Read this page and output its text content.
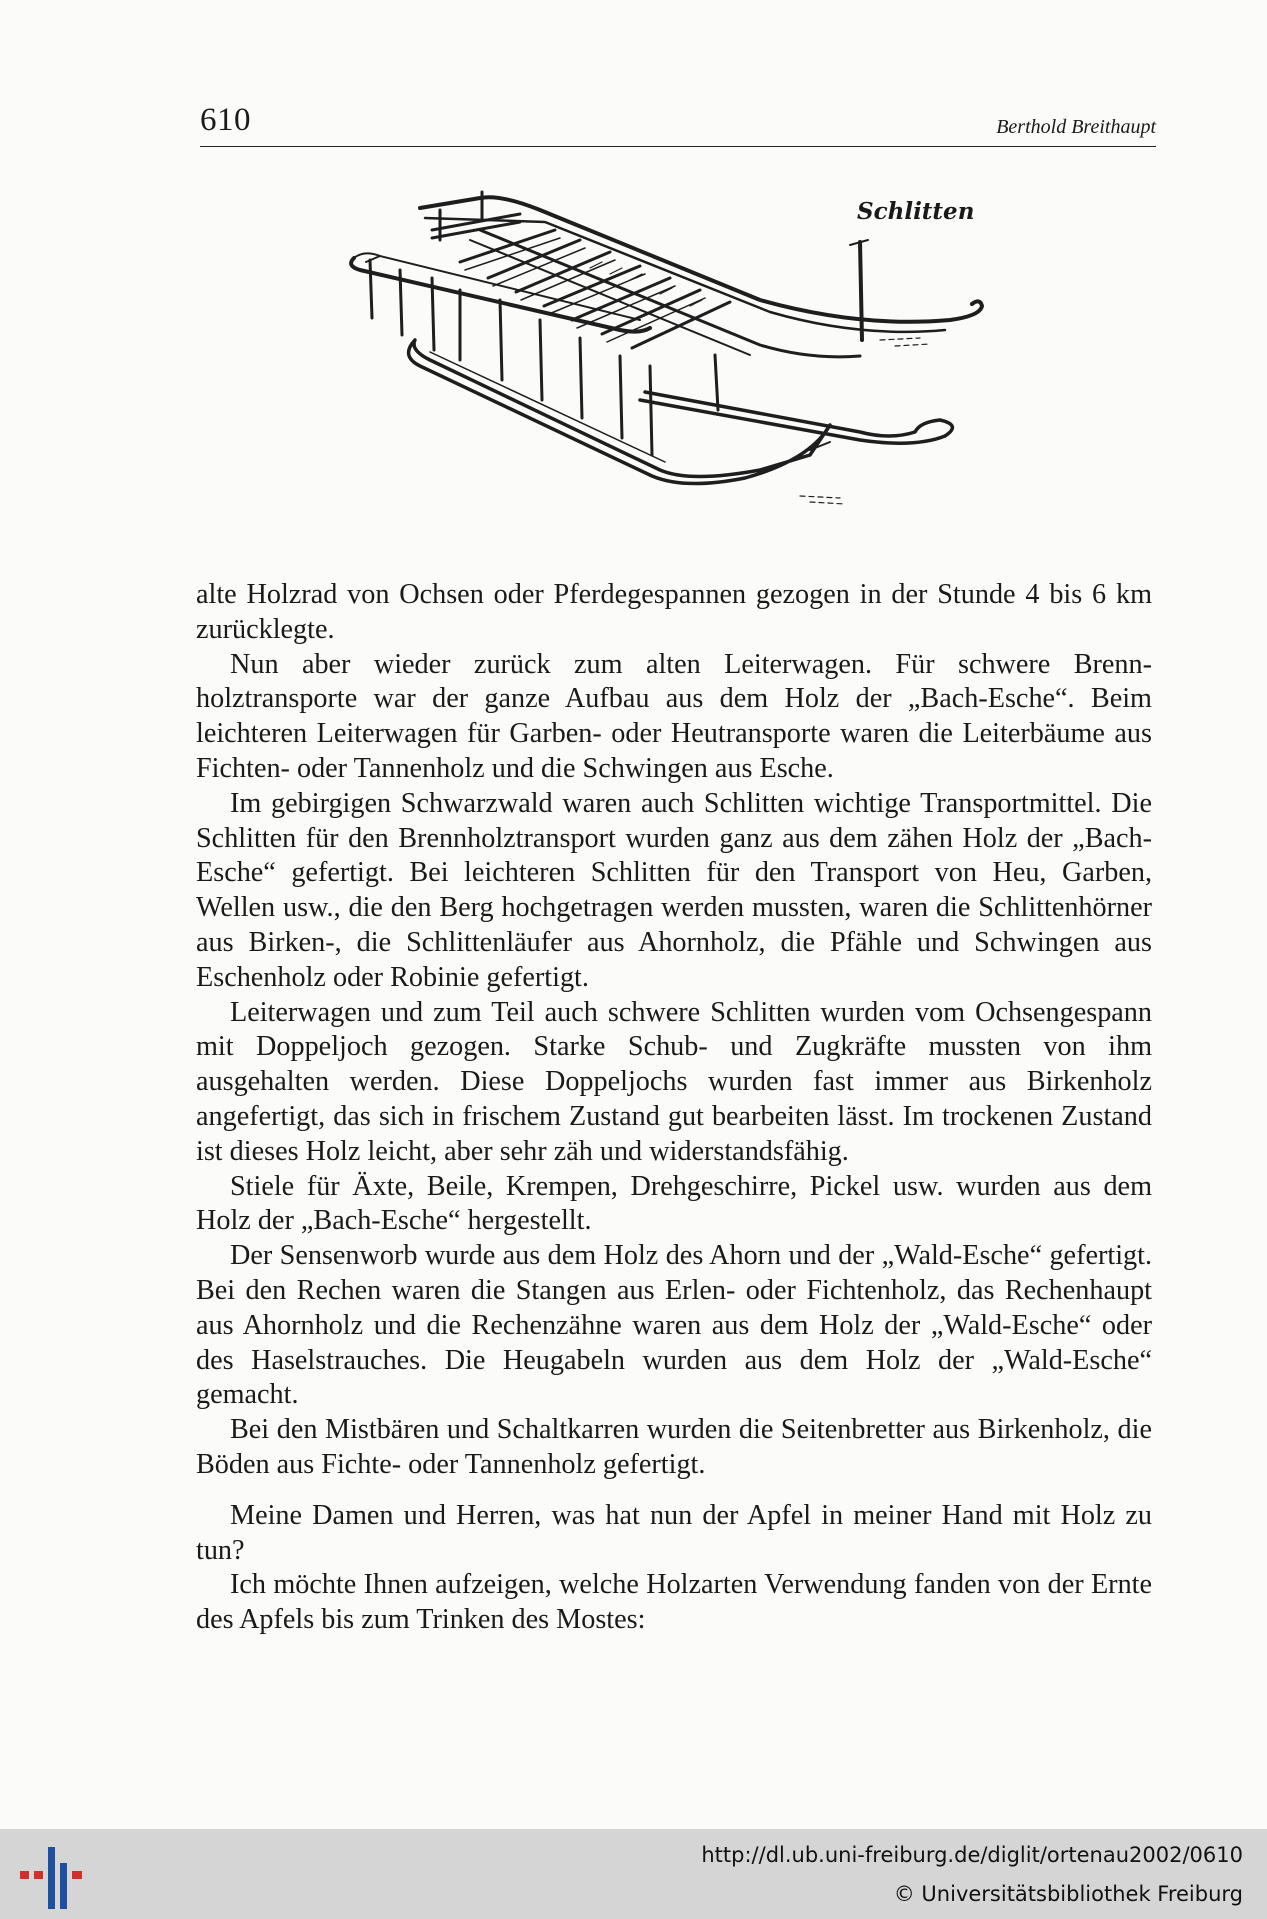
610	Berthold Breithaupt
Schlitten

alte Holzrad von Ochsen oder Pferdegespannen gezogen in der Stunde 4 bis 6 km zurücklegte.

Nun aber wieder zurück zum alten Leiterwagen. Für schwere Brennholztransporte war der ganze Aufbau aus dem Holz der „Bach-Esche“. Beim leichteren Leiterwagen für Garben- oder Heutransporte waren die Leiterbäume aus Fichten- oder Tannenholz und die Schwingen aus Esche.

Im gebirgigen Schwarzwald waren auch Schlitten wichtige Transportmittel. Die Schlitten für den Brennholztransport wurden ganz aus dem zähen Holz der „Bach-Esche“ gefertigt. Bei leichteren Schlitten für den Transport von Heu, Garben, Wellen usw., die den Berg hochgetragen werden mussten, waren die Schlittenhörner aus Birken-, die Schlittenläufer aus Ahornholz, die Pfähle und Schwingen aus Eschenholz oder Robinie gefertigt.

Leiterwagen und zum Teil auch schwere Schlitten wurden vom Ochsengespann mit Doppeljoch gezogen. Starke Schub- und Zugkräfte mussten von ihm ausgehalten werden. Diese Doppeljochs wurden fast immer aus Birkenholz angefertigt, das sich in frischem Zustand gut bearbeiten lässt. Im trockenen Zustand ist dieses Holz leicht, aber sehr zäh und widerstandsfähig.

Stiele für Äxte, Beile, Krempen, Drehgeschirre, Pickel usw. wurden aus dem Holz der „Bach-Esche“ hergestellt.

Der Sensenworb wurde aus dem Holz des Ahorn und der „Wald-Esche“ gefertigt. Bei den Rechen waren die Stangen aus Erlen- oder Fichtenholz, das Rechenhaupt aus Ahornholz und die Rechenzähne waren aus dem Holz der „Wald-Esche“ oder des Haselstrauches. Die Heugabeln wurden aus dem Holz der „Wald-Esche“ gemacht.

Bei den Mistbären und Schaltkarren wurden die Seitenbretter aus Birkenholz, die Böden aus Fichte- oder Tannenholz gefertigt.

Meine Damen und Herren, was hat nun der Apfel in meiner Hand mit Holz zu tun?

Ich möchte Ihnen aufzeigen, welche Holzarten Verwendung fanden von der Ernte des Apfels bis zum Trinken des Mostes:

http://dl.ub.uni-freiburg.de/diglit/ortenau2002/0610
© Universitätsbibliothek Freiburg
